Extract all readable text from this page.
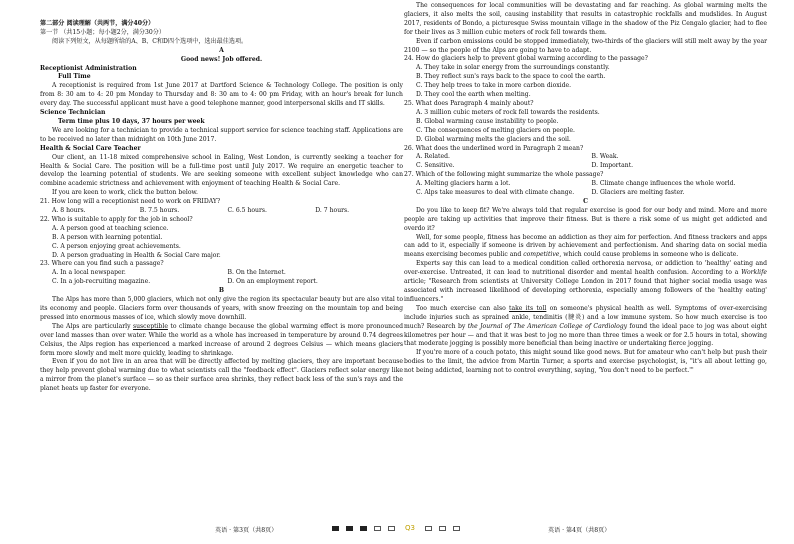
第二部分 阅读理解（共两节，满分40分）

第一节 （共15小题；每小题2分，满分30分）

阅读下列短文，从每题所给的A、B、C和D四个选项中，选出最佳选项。

A

Good news! Job offered.

Receptionist Administration

Full Time

A receptionist is required from 1st June 2017 at Dartford Science & Technology College. The position is only from 8: 30 am to 4: 20 pm Monday to Thursday and 8: 30 am to 4: 00 pm Friday, with an hour's break for lunch every day. The successful applicant must have a good telephone manner, good interpersonal skills and IT skills.

Science Technician

Term time plus 10 days, 37 hours per week

We are looking for a technician to provide a technical support service for science teaching staff. Applications are to be received no later than midnight on 10th June 2017.

Health & Social Care Teacher

Our client, an 11-18 mixed comprehensive school in Ealing, West London, is currently seeking a teacher for Health & Social Care. The position will be a full-time post until July 2017. We require an energetic teacher to develop the learning potential of students. We are seeking someone with excellent subject knowledge who can combine academic strictness and achievement with enjoyment of teaching Health & Social Care.

If you are keen to work, click the button below.

21. How long will a receptionist need to work on FRIDAY?

A. 8 hours.	B. 7.5 hours.	C. 6.5 hours.	D. 7 hours.

22. Who is suitable to apply for the job in school?

A. A person good at teaching science.

B. A person with learning potential.

C. A person enjoying great achievements.

D. A person graduating in Health & Social Care major.

23. Where can you find such a passage?

A. In a local newspaper.	B. On the Internet.
C. In a job-recruiting magazine.	D. On an employment report.

B

The Alps has more than 5,000 glaciers, which not only give the region its spectacular beauty but are also vital to its economy and people. Glaciers form over thousands of years, with snow freezing on the mountain top and being pressed into enormous masses of ice, which slowly move downhill.

The Alps are particularly susceptible to climate change because the global warming effect is more pronounced over land masses than over water. While the world as a whole has increased in temperature by around 0.74 degrees Celsius, the Alps region has experienced a marked increase of around 2 degrees Celsius — which means glaciers form more slowly and melt more quickly, leading to shrinkage.

Even if you do not live in an area that will be directly affected by melting glaciers, they are important because they help prevent global warming due to what scientists call the "feedback effect". Glaciers reflect solar energy like a mirror from the planet's surface — so as their surface area shrinks, they reflect back less of the sun's rays and the planet heats up faster for everyone.

The consequences for local communities will be devastating and far reaching. As global warming melts the glaciers, it also melts the soil, causing instability that results in catastrophic rockfalls and mudslides. In August 2017, residents of Bondo, a picturesque Swiss mountain village in the shadow of the Piz Cengalo glacier, had to flee for their lives as 3 million cubic meters of rock fell towards them.

Even if carbon emissions could be stopped immediately, two-thirds of the glaciers will still melt away by the year 2100 — so the people of the Alps are going to have to adapt.

24. How do glaciers help to prevent global warming according to the passage?

A. They take in solar energy from the surroundings constantly.

B. They reflect sun's rays back to the space to cool the earth.

C. They help trees to take in more carbon dioxide.

D. They cool the earth when melting.

25. What does Paragraph 4 mainly about?

A. 3 million cubic meters of rock fell towards the residents.

B. Global warming cause instability to people.

C. The consequences of melting glaciers on people.

D. Global warming melts the glaciers and the soil.

26. What does the underlined word in Paragraph 2 mean?

A. Related.	B. Weak.
C. Sensitive.	D. Important.

27. Which of the following might summarize the whole passage?

A. Melting glaciers harm a lot.	B. Climate change influences the whole world.
C. Alps take measures to deal with climate change.	D. Glaciers are melting faster.

C

Do you like to keep fit? We're always told that regular exercise is good for our body and mind. More and more people are taking up activities that improve their fitness. But is there a risk some of us might get addicted and overdo it?

Well, for some people, fitness has become an addiction as they aim for perfection. And fitness trackers and apps can add to it, especially if someone is driven by achievement and perfectionism. And sharing data on social media means exercising becomes public and competitive, which could cause problems in someone who is delicate.

Experts say this can lead to a medical condition called orthorexia nervosa, or addiction to 'healthy' eating and over-exercise. Untreated, it can lead to nutritional disorder and mental health confusion. According to a Worklife article; "Research from scientists at University College London in 2017 found that higher social media usage was associated with increased likelihood of developing orthorexia, especially among followers of the 'healthy eating' influencers."

Too much exercise can also take its toll on someone's physical health as well. Symptoms of over-exercising include injuries such as sprained ankle, tendinitis (腱炎) and a low immune system. So how much exercise is too much? Research by the Journal of The American College of Cardiology found the ideal pace to jog was about eight kilometres per hour — and that it was best to jog no more than three times a week or for 2.5 hours in total, showing that moderate jogging is possibly more beneficial than being inactive or undertaking fierce jogging.

If you're more of a couch potato, this might sound like good news. But for amateur who can't help but push their bodies to the limit, the advice from Martin Turner, a sports and exercise psychologist, is, "it's all about letting go, not being addicted, learning not to control everything, saying, 'You don't need to be perfect.'"

英语 · 第3页（共8页）	Q3	英语 · 第4页（共8页）
